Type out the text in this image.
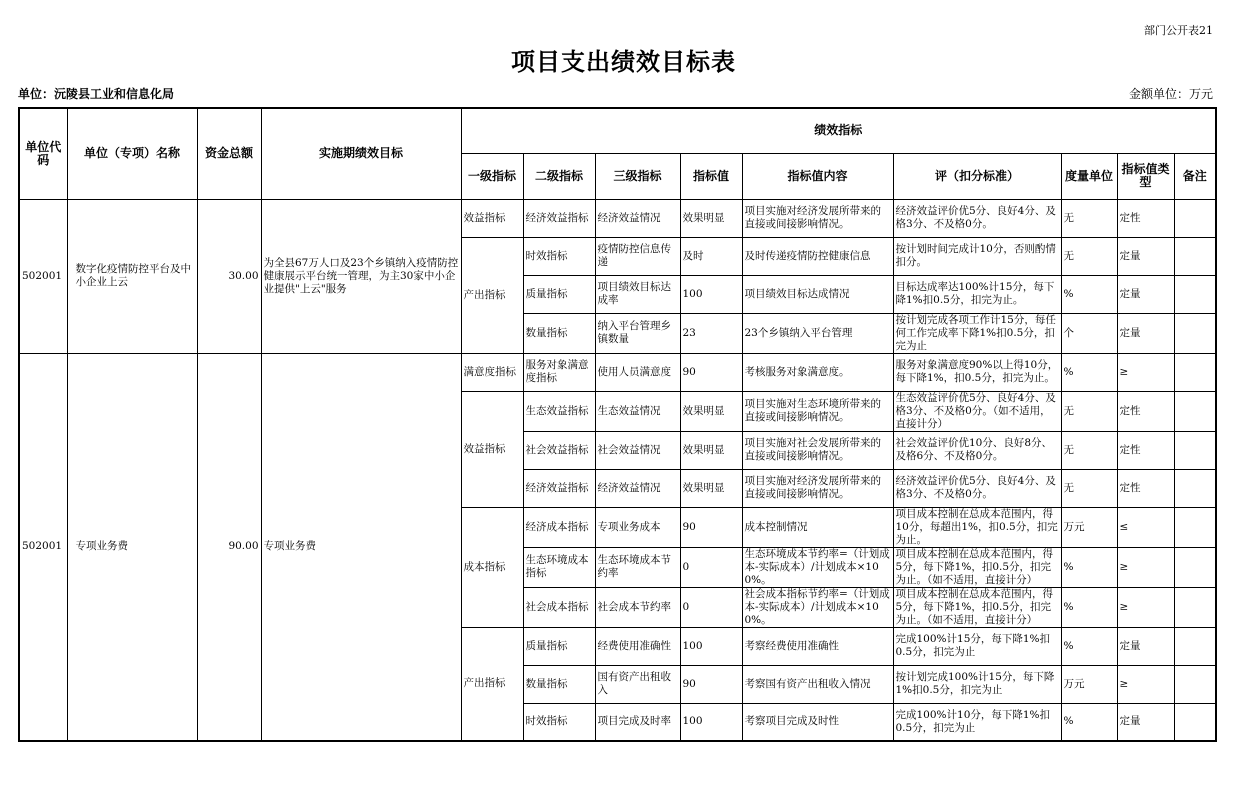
部门公开表21
项目支出绩效目标表
单位：沅陵县工业和信息化局	金额单位：万元
单位代码	单位（专项）名称	资金总额	实施期绩效目标	绩效指标								
				一级指标	二级指标	三级指标	指标值	指标值内容	评（扣分标准）	度量单位	指标值类型	备注
502001	数字化疫情防控平台及中小企业上云	30.00	为全县67万人口及23个乡镇纳入疫情防控健康展示平台统一管理，为主30家中小企业提供"上云"服务	效益指标	经济效益指标	经济效益情况	效果明显	项目实施对经济发展所带来的直接或间接影响情况。	经济效益评价优5分、良好4分、及格3分、不及格0分。	无	定性	
				产出指标	时效指标	疫情防控信息传递	及时	及时传递疫情防控健康信息	按计划时间完成计10分，否则酌情扣分。	无	定量	
					质量指标	项目绩效目标达成率	100	项目绩效目标达成情况	目标达成率达100%计15分，每下降1%扣0.5分，扣完为止。	%	定量	
					数量指标	纳入平台管理乡镇数量	23	23个乡镇纳入平台管理	按计划完成各项工作计15分，每任何工作完成率下降1%扣0.5分，扣完为止	个	定量	
502001	专项业务费	90.00	专项业务费	满意度指标	服务对象满意度指标	使用人员满意度	90	考核服务对象满意度。	服务对象满意度90%以上得10分，每下降1%，扣0.5分，扣完为止。	%	≥	
				效益指标	生态效益指标	生态效益情况	效果明显	项目实施对生态环境所带来的直接或间接影响情况。	生态效益评价优5分、良好4分、及格3分、不及格0分。（如不适用，直接计分）	无	定性	
					社会效益指标	社会效益情况	效果明显	项目实施对社会发展所带来的直接或间接影响情况。	社会效益评价优10分、良好8分、及格6分、不及格0分。	无	定性	
					经济效益指标	经济效益情况	效果明显	项目实施对经济发展所带来的直接或间接影响情况。	经济效益评价优5分、良好4分、及格3分、不及格0分。	无	定性	
				成本指标	经济成本指标	专项业务成本	90	成本控制情况	项目成本控制在总成本范围内，得10分，每超出1%，扣0.5分，扣完为止。	万元	≤	
					生态环境成本指标	生态环境成本节约率	0	生态环境成本节约率=（计划成本-实际成本）/计划成本×100%。	项目成本控制在总成本范围内，得5分，每下降1%，扣0.5分，扣完为止。（如不适用，直接计分）	%	≥	
					社会成本指标	社会成本节约率	0	社会成本指标节约率=（计划成本-实际成本）/计划成本×100%。	项目成本控制在总成本范围内，得5分，每下降1%，扣0.5分，扣完为止。（如不适用，直接计分）	%	≥	
				产出指标	质量指标	经费使用准确性	100	考察经费使用准确性	完成100%计15分，每下降1%扣0.5分，扣完为止	%	定量	
					数量指标	国有资产出租收入	90	考察国有资产出租收入情况	按计划完成100%计15分，每下降1%扣0.5分，扣完为止	万元	≥	
					时效指标	项目完成及时率	100	考察项目完成及时性	完成100%计10分，每下降1%扣0.5分，扣完为止	%	定量	
